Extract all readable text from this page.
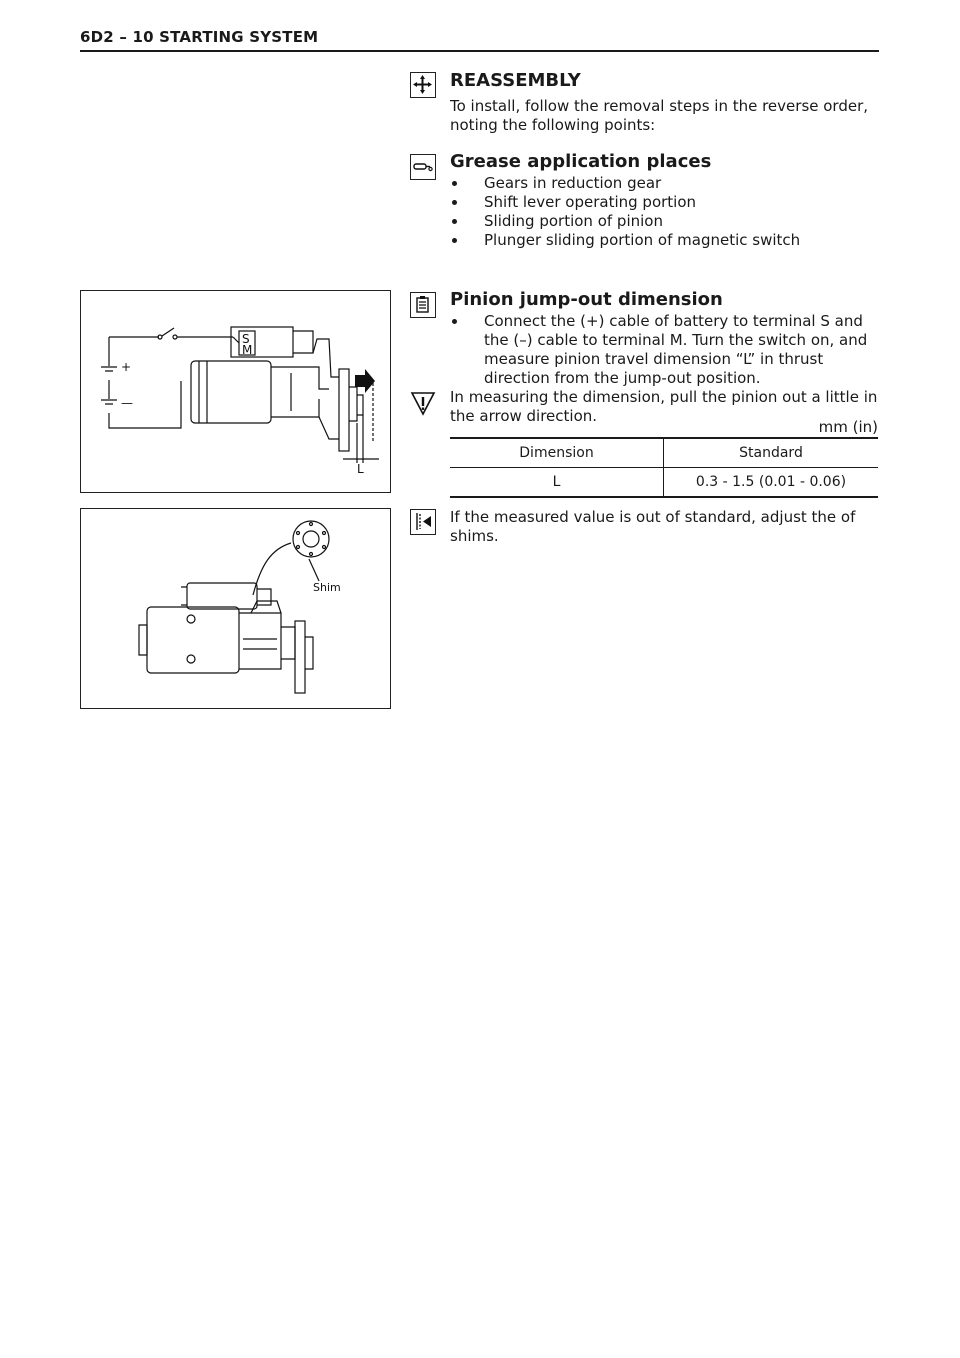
6D2 – 10 STARTING SYSTEM
REASSEMBLY
To install, follow the removal steps in the reverse order, noting the following points:
Grease application places
Gears in reduction gear
Shift lever operating portion
Sliding portion of pinion
Plunger sliding portion of magnetic switch
S
M
+
—
L
Pinion jump-out dimension
Connect the (+) cable of battery to terminal S and the (–) cable to terminal M. Turn the switch on, and measure pinion travel dimension “L” in thrust direction from the jump-out position.
In measuring the dimension, pull the pinion out a little in the arrow direction.
mm (in)
Dimension	Standard
L	0.3 - 1.5 (0.01 - 0.06)
Shim
If the measured value is out of standard, adjust the of shims.
